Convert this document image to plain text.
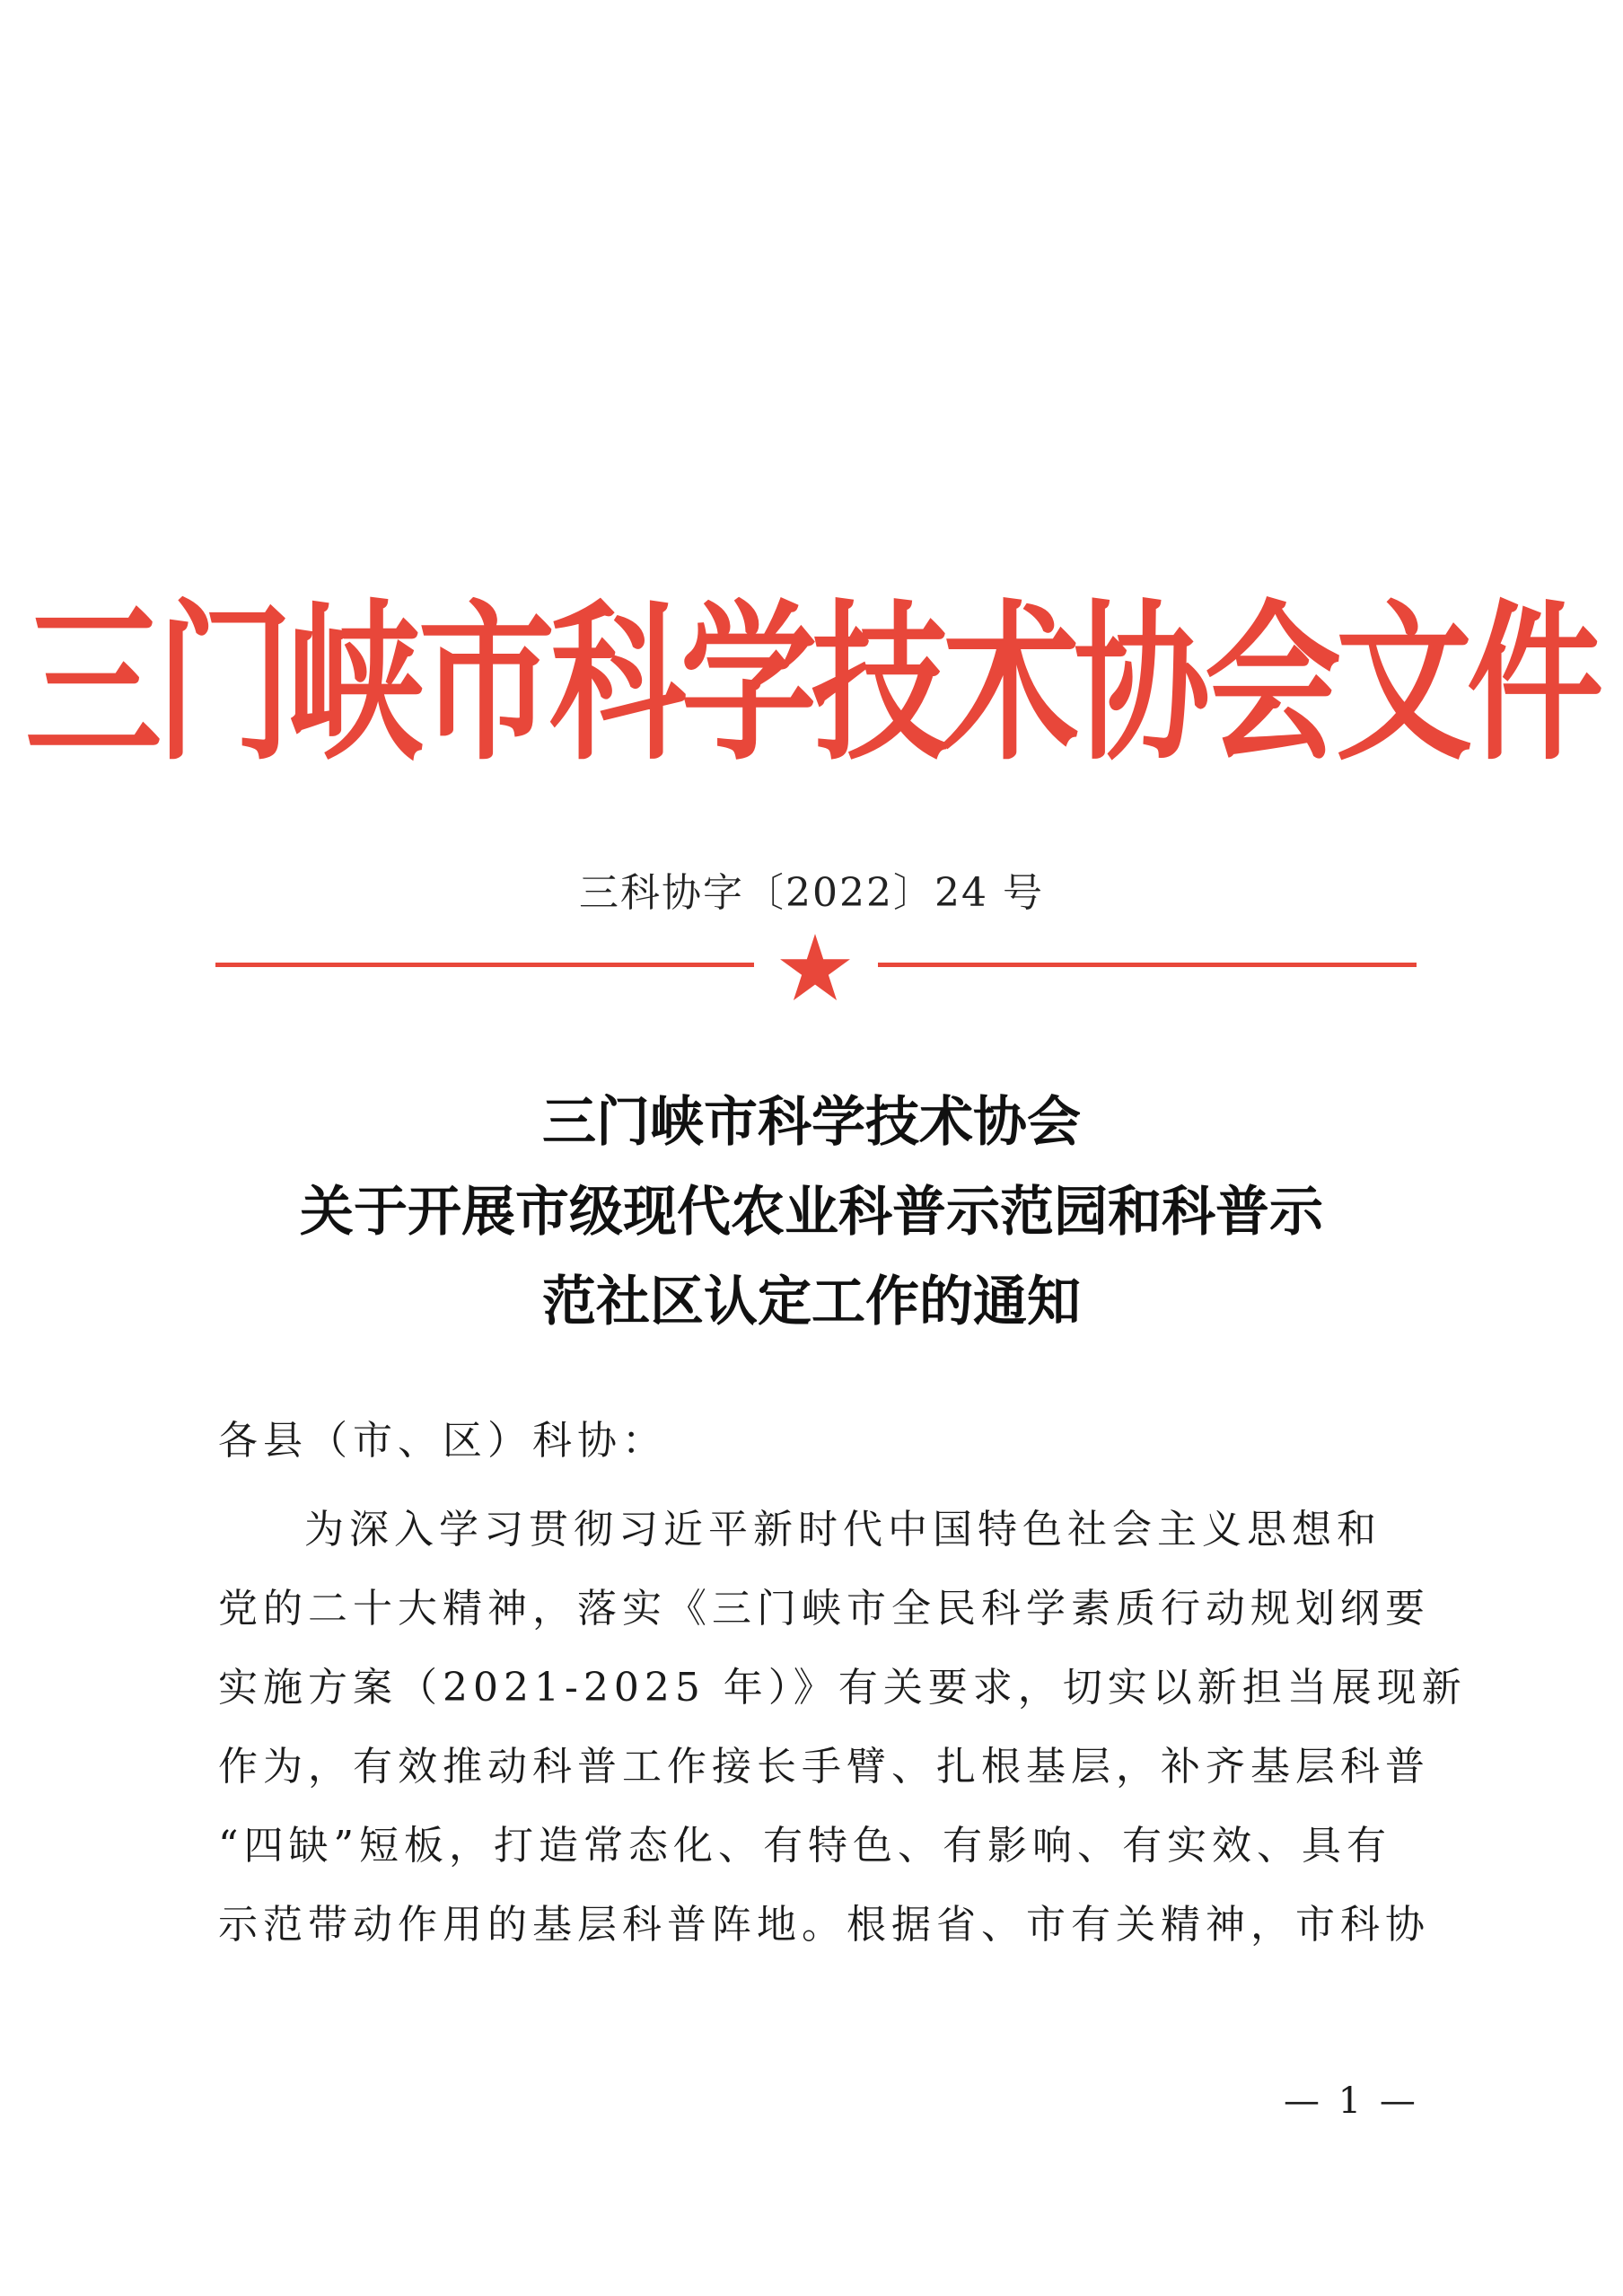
三门峡市科学技术协会文件
三科协字〔2022〕24 号
三门峡市科学技术协会
关于开展市级现代农业科普示范园和科普示
范社区认定工作的通知
各县（市、区）科协：
为深入学习贯彻习近平新时代中国特色社会主义思想和
党的二十大精神，落实《三门峡市全民科学素质行动规划纲要
实施方案（2021-2025 年）》有关要求，切实以新担当展现新
作为，有效推动科普工作接长手臂、扎根基层，补齐基层科普
“四缺”短板，打造常态化、有特色、有影响、有实效、具有
示范带动作用的基层科普阵地。根据省、市有关精神，市科协
— 1 —
